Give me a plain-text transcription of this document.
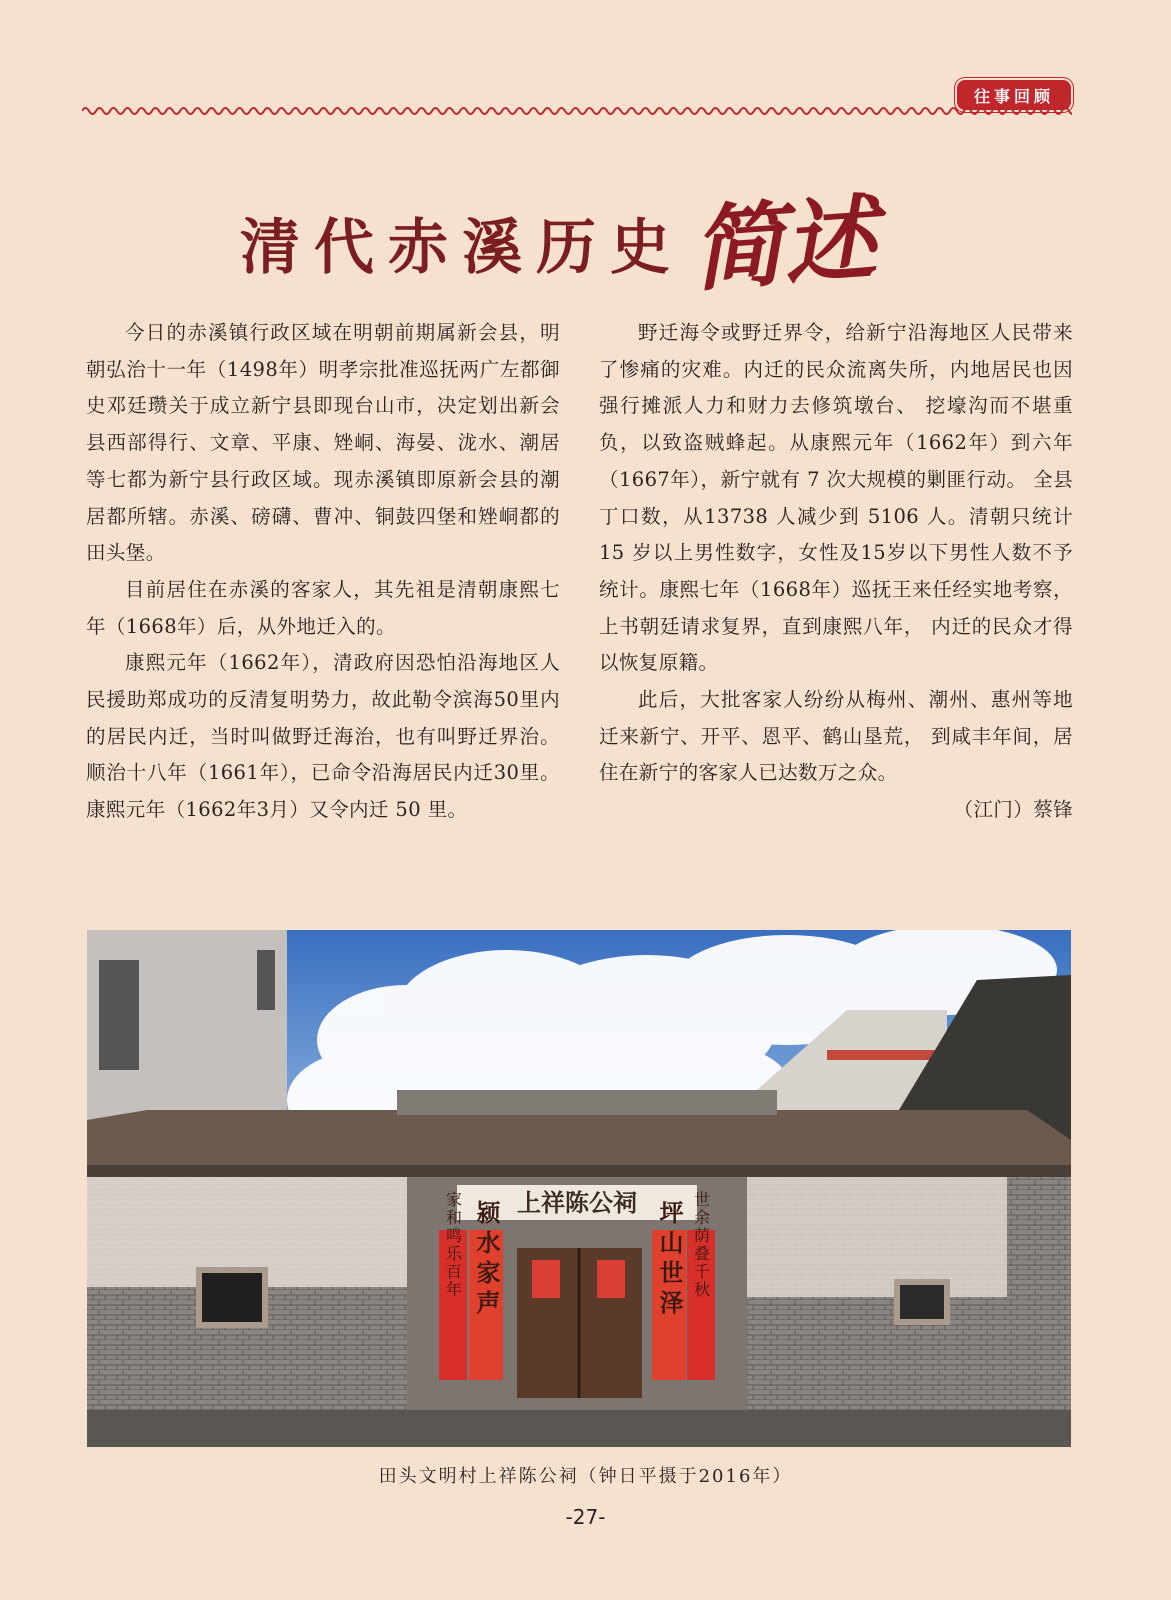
往事回顾
清代赤溪历史 简述

今日的赤溪镇行政区域在明朝前期属新会县，明朝弘治十一年（1498年）明孝宗批准巡抚两广左都御史邓廷瓒关于成立新宁县即现台山市，决定划出新会县西部得行、文章、平康、矬峒、海晏、泷水、潮居等七都为新宁县行政区域。现赤溪镇即原新会县的潮居都所辖。赤溪、磅礴、曹冲、铜鼓四堡和矬峒都的田头堡。

目前居住在赤溪的客家人，其先祖是清朝康熙七年（1668年）后，从外地迁入的。

康熙元年（1662年），清政府因恐怕沿海地区人民援助郑成功的反清复明势力，故此勒令滨海50里内的居民内迁，当时叫做野迁海治，也有叫野迁界治。顺治十八年（1661年），已命令沿海居民内迁30里。康熙元年（1662年3月）又令内迁 50 里。

野迁海令或野迁界令，给新宁沿海地区人民带来了惨痛的灾难。内迁的民众流离失所，内地居民也因强行摊派人力和财力去修筑墩台、 挖壕沟而不堪重负，以致盗贼蜂起。从康熙元年（1662年）到六年（1667年），新宁就有 7 次大规模的剿匪行动。 全县丁口数，从13738 人减少到 5106 人。清朝只统计 15 岁以上男性数字，女性及15岁以下男性人数不予统计。康熙七年（1668年）巡抚王来任经实地考察，上书朝廷请求复界，直到康熙八年， 内迁的民众才得以恢复原籍。

此后，大批客家人纷纷从梅州、潮州、惠州等地迁来新宁、开平、恩平、鹤山垦荒， 到咸丰年间，居住在新宁的客家人已达数万之众。

（江门）蔡锋

上祥陈公祠
颍水家声	坪山世泽
家和鸣乐百年	世余荫叠千秋
田头文明村上祥陈公祠（钟日平摄于2016年）
-27-
